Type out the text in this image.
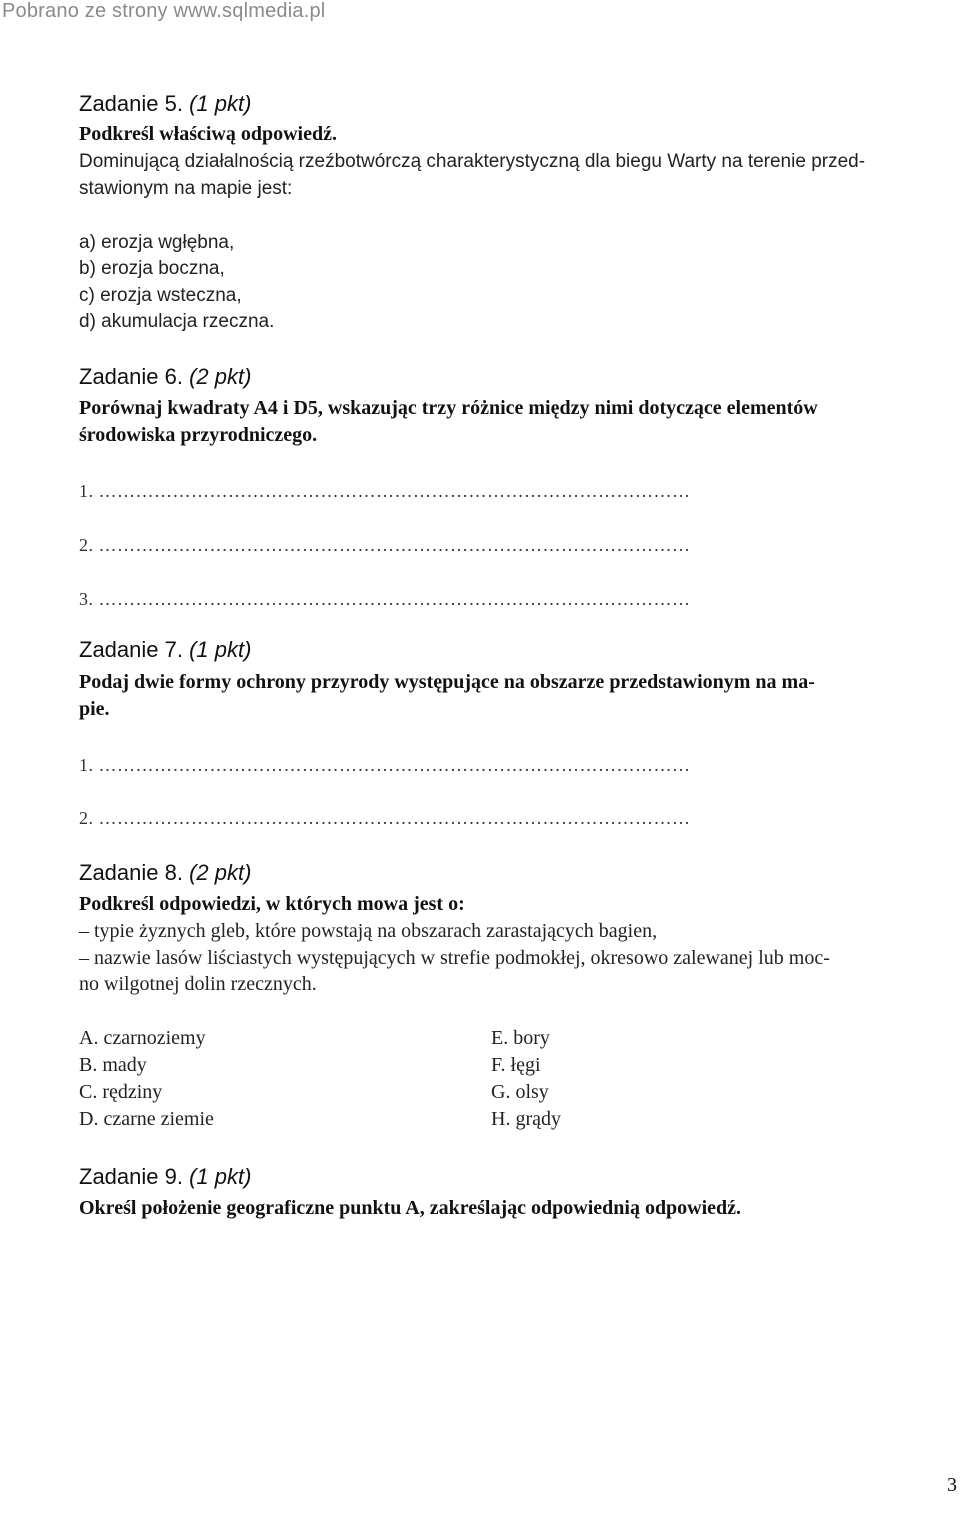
Pobrano ze strony www.sqlmedia.pl
Zadanie 5. (1 pkt)
Podkreśl właściwą odpowiedź.
Dominującą działalnością rzeźbotwórczą charakterystyczną dla biegu Warty na terenie przed-
stawionym na mapie jest:
a) erozja wgłębna,
b) erozja boczna,
c) erozja wsteczna,
d) akumulacja rzeczna.
Zadanie 6. (2 pkt)
Porównaj kwadraty A4 i D5, wskazując trzy różnice między nimi dotyczące elementów
środowiska przyrodniczego.
1. ……………………………………………………………………………………
2. ……………………………………………………………………………………
3. ……………………………………………………………………………………
Zadanie 7. (1 pkt)
Podaj dwie formy ochrony przyrody występujące na obszarze przedstawionym na ma-
pie.
1. ……………………………………………………………………………………
2. ……………………………………………………………………………………
Zadanie 8. (2 pkt)
Podkreśl odpowiedzi, w których mowa jest o:
– typie żyznych gleb, które powstają na obszarach zarastających bagien,
– nazwie lasów liściastych występujących w strefie podmokłej, okresowo zalewanej lub moc-
no wilgotnej dolin rzecznych.
A. czarnoziemy
B. mady
C. rędziny
D. czarne ziemie
E. bory
F. łęgi
G. olsy
H. grądy
Zadanie 9. (1 pkt)
Określ położenie geograficzne punktu A, zakreślając odpowiednią odpowiedź.
3
